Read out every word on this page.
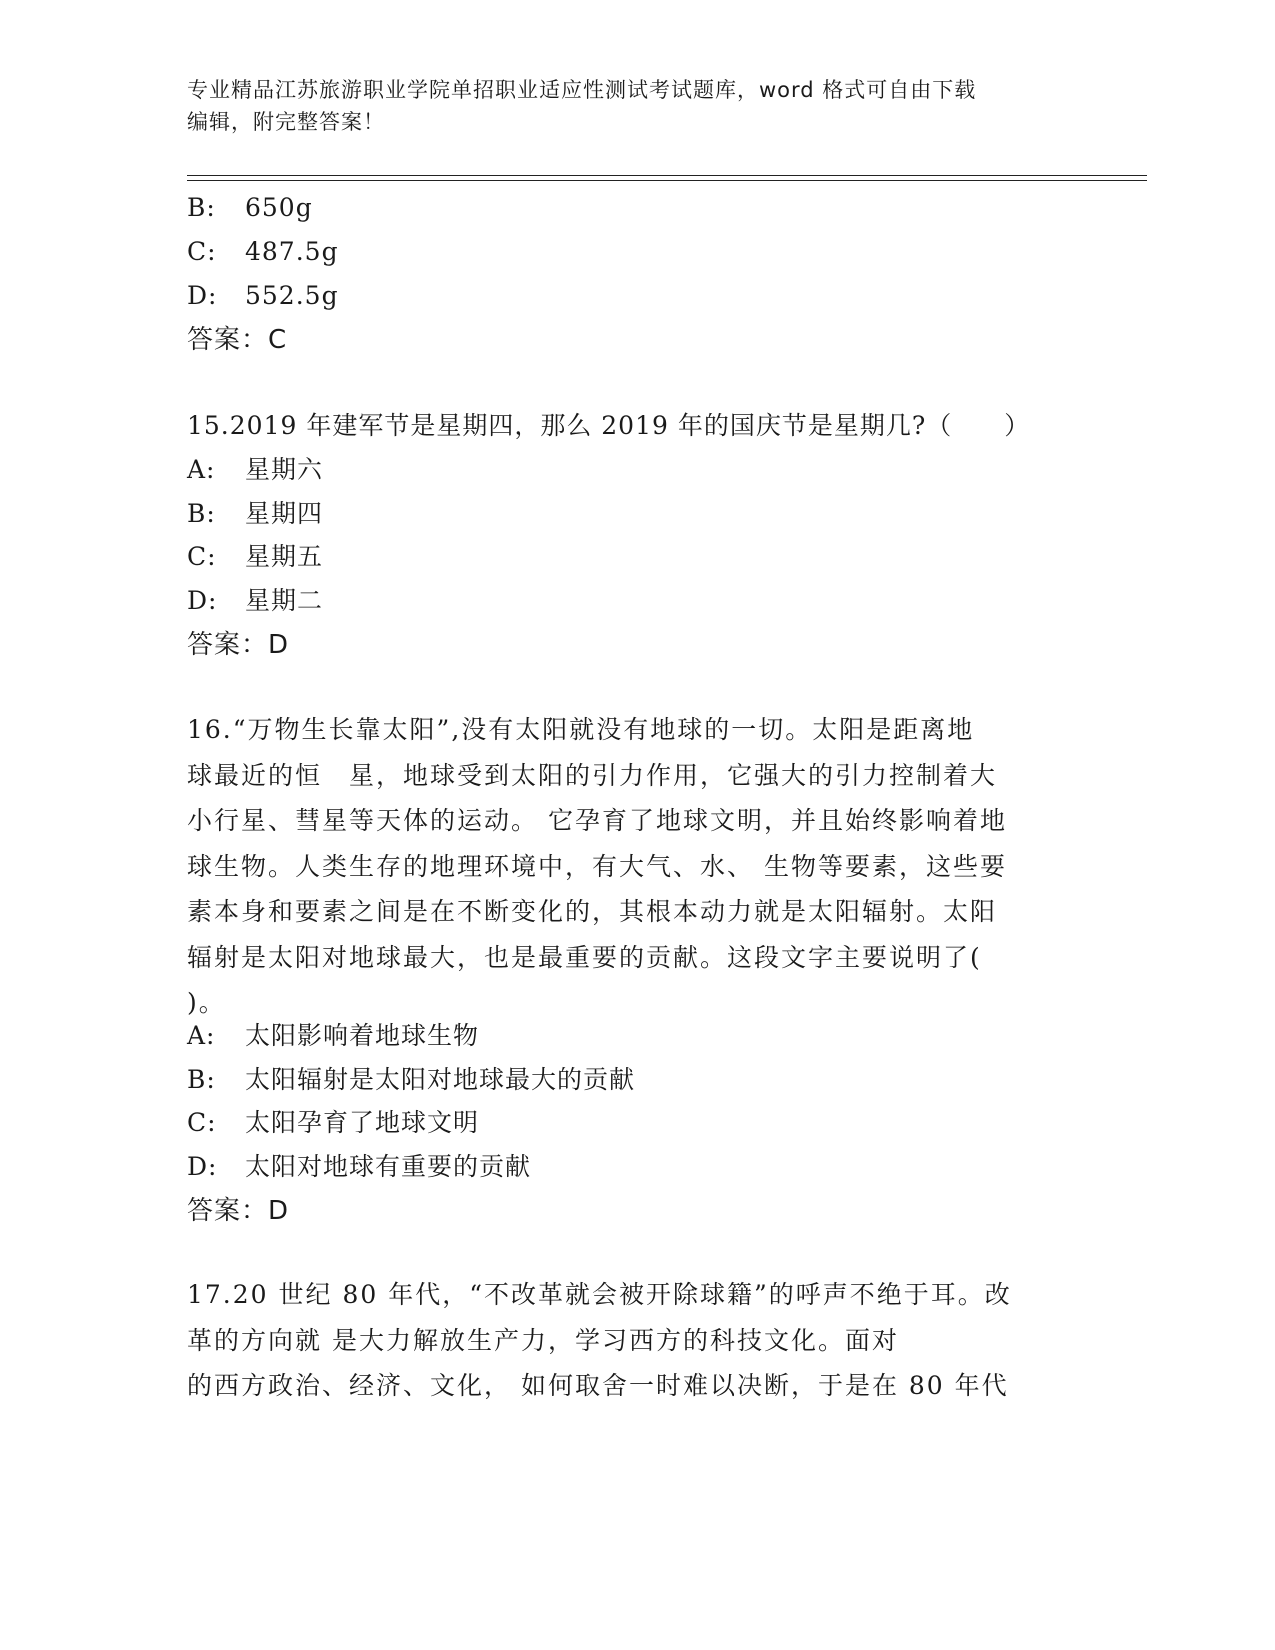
专业精品江苏旅游职业学院单招职业适应性测试考试题库，word 格式可自由下载
编辑，附完整答案！
B: 650g
C: 487.5g
D: 552.5g
答案：C
15.2019 年建军节是星期四，那么 2019 年的国庆节是星期几?（　　）
A: 星期六
B: 星期四
C: 星期五
D: 星期二
答案：D
16.“万物生长靠太阳”,没有太阳就没有地球的一切。太阳是距离地
球最近的恒　星，地球受到太阳的引力作用，它强大的引力控制着大
小行星、彗星等天体的运动。 它孕育了地球文明，并且始终影响着地
球生物。人类生存的地理环境中，有大气、水、 生物等要素，这些要
素本身和要素之间是在不断变化的，其根本动力就是太阳辐射。太阳
辐射是太阳对地球最大，也是最重要的贡献。这段文字主要说明了(
)。
A: 太阳影响着地球生物
B: 太阳辐射是太阳对地球最大的贡献
C: 太阳孕育了地球文明
D: 太阳对地球有重要的贡献
答案：D
17.20 世纪 80 年代，“不改革就会被开除球籍”的呼声不绝于耳。改
革的方向就 是大力解放生产力，学习西方的科技文化。面对
的西方政治、经济、文化， 如何取舍一时难以决断，于是在 80 年代
